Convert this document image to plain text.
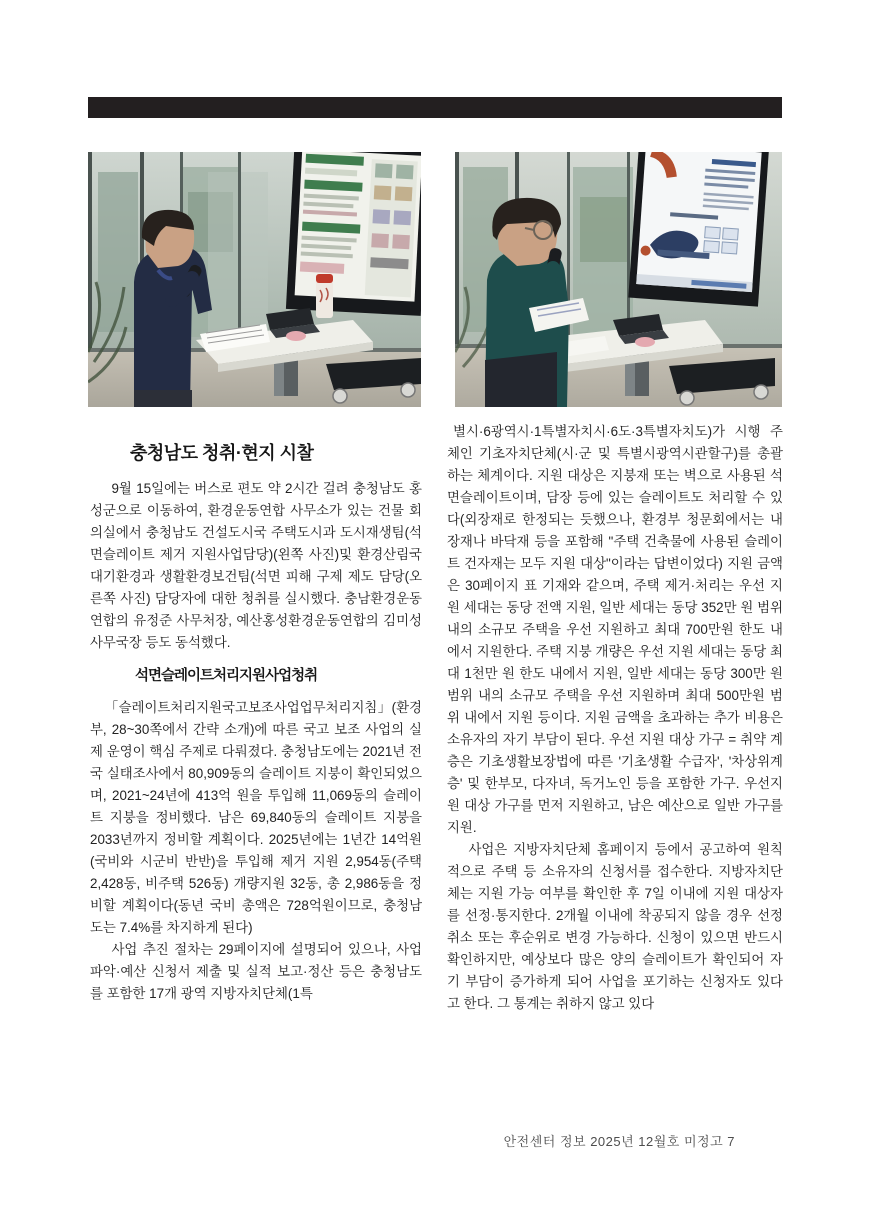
충청남도 청취·현지 시찰

9월 15일에는 버스로 편도 약 2시간 걸려 충청남도 홍성군으로 이동하여, 환경운동연합 사무소가 있는 건물 회의실에서 충청남도 건설도시국 주택도시과 도시재생팀(석면슬레이트 제거 지원사업담당)(왼쪽 사진)및 환경산림국 대기환경과 생활환경보건팀(석면 피해 구제 제도 담당(오른쪽 사진) 담당자에 대한 청취를 실시했다. 충남환경운동연합의 유정준 사무처장, 예산홍성환경운동연합의 김미성 사무국장 등도 동석했다.

석면슬레이트처리지원사업청취

「슬레이트처리지원국고보조사업업무처리지침」(환경부, 28~30쪽에서 간략 소개)에 따른 국고 보조 사업의 실제 운영이 핵심 주제로 다뤄졌다. 충청남도에는 2021년 전국 실태조사에서 80,909동의 슬레이트 지붕이 확인되었으며, 2021~24년에 413억 원을 투입해 11,069동의 슬레이트 지붕을 정비했다. 남은 69,840동의 슬레이트 지붕을 2033년까지 정비할 계획이다. 2025년에는 1년간 14억원(국비와 시군비 반반)을 투입해 제거 지원 2,954동(주택 2,428동, 비주택 526동) 개량지원 32동, 총 2,986동을 정비할 계획이다(동년 국비 총액은 728억원이므로, 충청남도는 7.4%를 차지하게 된다)

사업 추진 절차는 29페이지에 설명되어 있으나, 사업 파악·예산 신청서 제출 및 실적 보고·정산 등은 충청남도를 포함한 17개 광역 지방자치단체(1특

별시·6광역시·1특별자치시·6도·3특별자치도)가 시행 주체인 기초자치단체(시·군 및 특별시광역시관할구)를 총괄하는 체계이다. 지원 대상은 지붕재 또는 벽으로 사용된 석면슬레이트이며, 담장 등에 있는 슬레이트도 처리할 수 있다(외장재로 한정되는 듯했으나, 환경부 청문회에서는 내장재나 바닥재 등을 포함해 "주택 건축물에 사용된 슬레이트 건자재는 모두 지원 대상"이라는 답변이었다) 지원 금액은 30페이지 표 기재와 같으며, 주택 제거·처리는 우선 지원 세대는 동당 전액 지원, 일반 세대는 동당 352만 원 범위 내의 소규모 주택을 우선 지원하고 최대 700만원 한도 내에서 지원한다. 주택 지붕 개량은 우선 지원 세대는 동당 최대 1천만 원 한도 내에서 지원, 일반 세대는 동당 300만 원 범위 내의 소규모 주택을 우선 지원하며 최대 500만원 범위 내에서 지원 등이다. 지원 금액을 초과하는 추가 비용은 소유자의 자기 부담이 된다. 우선 지원 대상 가구 = 취약 계층은 기초생활보장법에 따른 '기초생활 수급자', '차상위계층' 및 한부모, 다자녀, 독거노인 등을 포함한 가구. 우선지원 대상 가구를 먼저 지원하고, 남은 예산으로 일반 가구를 지원.

사업은 지방자치단체 홈페이지 등에서 공고하여 원칙적으로 주택 등 소유자의 신청서를 접수한다. 지방자치단체는 지원 가능 여부를 확인한 후 7일 이내에 지원 대상자를 선정·통지한다. 2개월 이내에 착공되지 않을 경우 선정 취소 또는 후순위로 변경 가능하다. 신청이 있으면 반드시 확인하지만, 예상보다 많은 양의 슬레이트가 확인되어 자기 부담이 증가하게 되어 사업을 포기하는 신청자도 있다고 한다. 그 통계는 취하지 않고 있다

안전센터 정보 2025년 12월호 미정고 7
